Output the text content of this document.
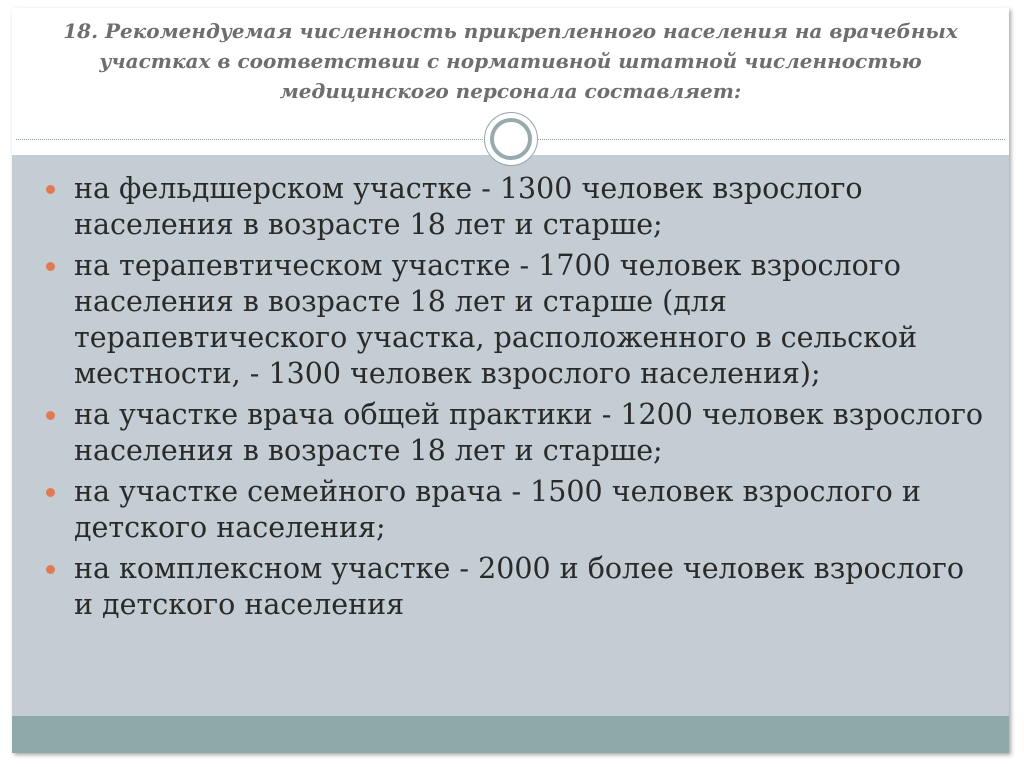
18. Рекомендуемая численность прикрепленного населения на врачебных участках в соответствии с нормативной штатной численностью медицинского персонала составляет:
на фельдшерском участке - 1300 человек взрослого населения в возрасте 18 лет и старше;
на терапевтическом участке - 1700 человек взрослого населения в возрасте 18 лет и старше (для терапевтического участка, расположенного в сельской местности, - 1300 человек взрослого населения);
на участке врача общей практики - 1200 человек взрослого населения в возрасте 18 лет и старше;
на участке семейного врача - 1500 человек взрослого и детского населения;
на комплексном участке - 2000 и более человек взрослого и детского населения
